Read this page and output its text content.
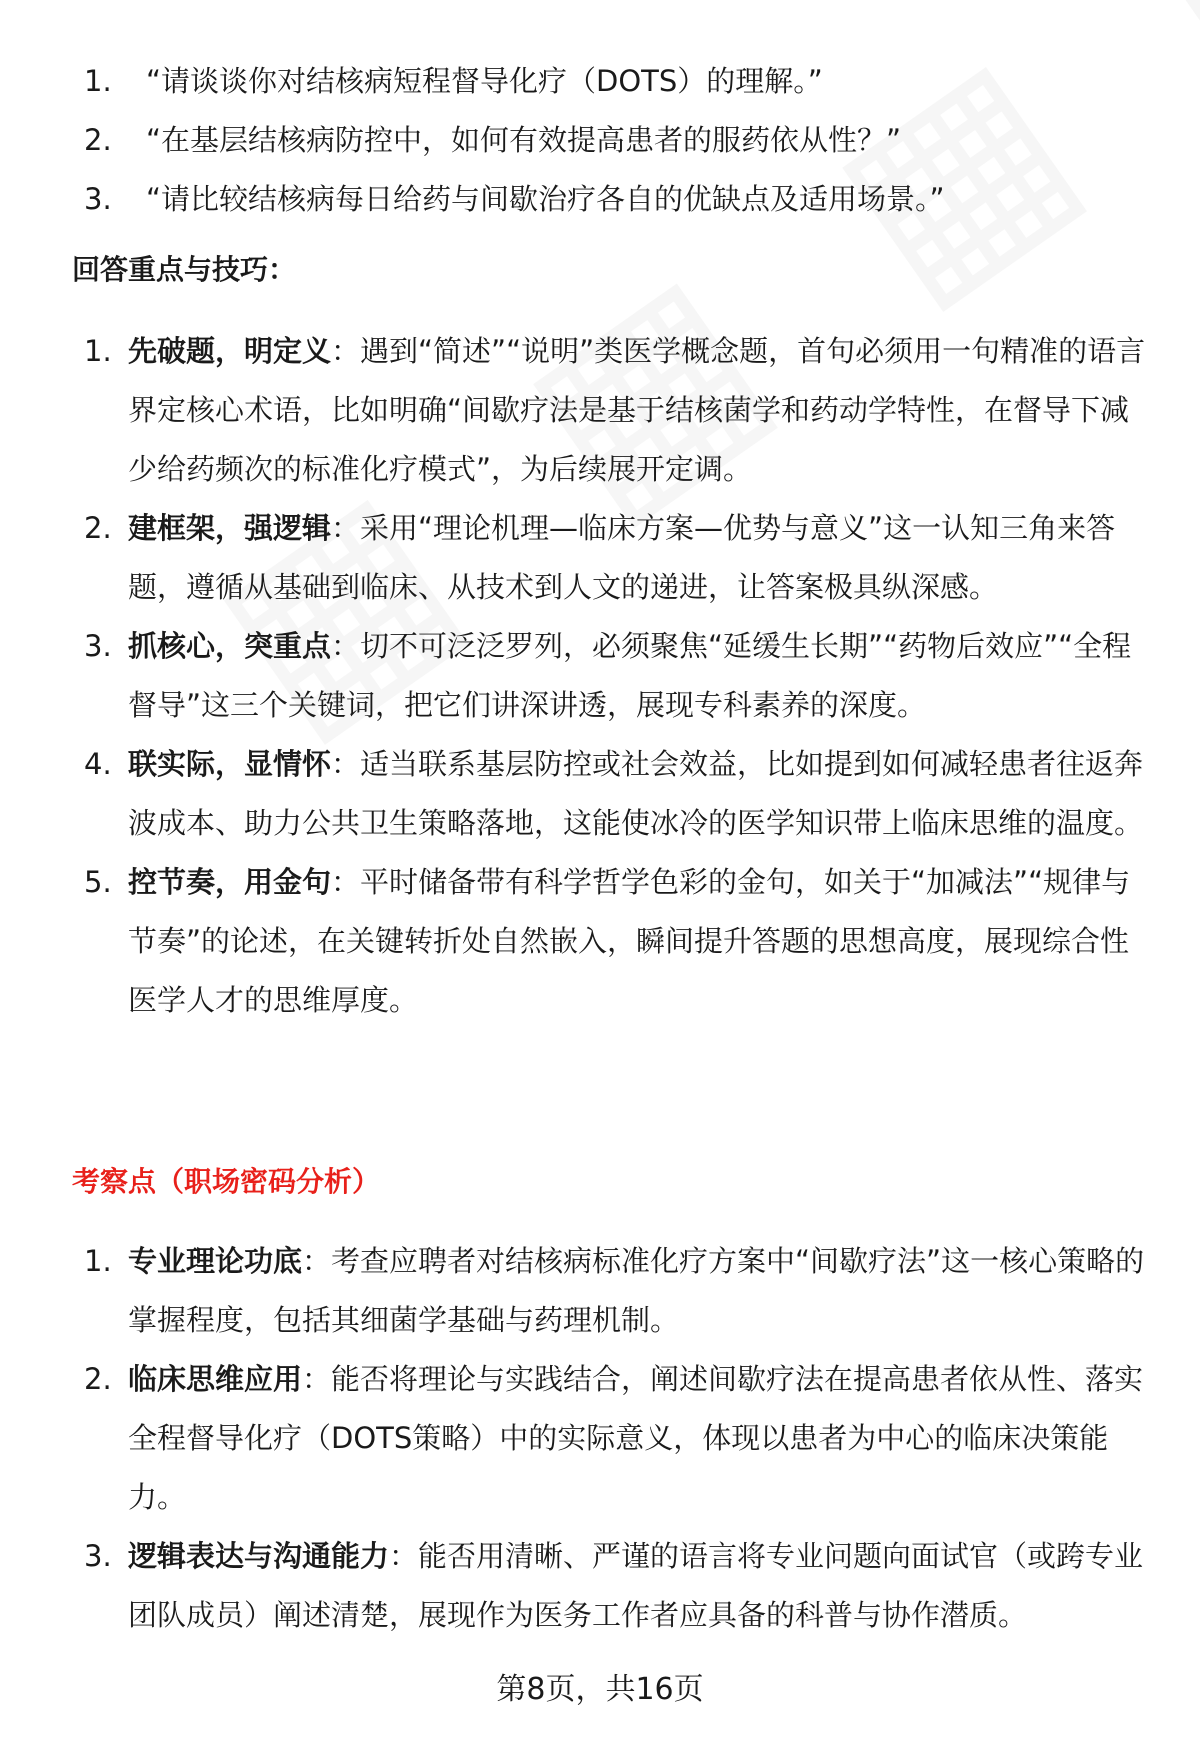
1. “请谈谈你对结核病短程督导化疗（DOTS）的理解。”
2. “在基层结核病防控中，如何有效提高患者的服药依从性？”
3. “请比较结核病每日给药与间歇治疗各自的优缺点及适用场景。”
回答重点与技巧：
1. 先破题，明定义：遇到“简述”“说明”类医学概念题，首句必须用一句精准的语言界定核心术语，比如明确“间歇疗法是基于结核菌学和药动学特性，在督导下减少给药频次的标准化疗模式”，为后续展开定调。
2. 建框架，强逻辑：采用“理论机理—临床方案—优势与意义”这一认知三角来答题，遵循从基础到临床、从技术到人文的递进，让答案极具纵深感。
3. 抓核心，突重点：切不可泛泛罗列，必须聚焦“延缓生长期”“药物后效应”“全程督导”这三个关键词，把它们讲深讲透，展现专科素养的深度。
4. 联实际，显情怀：适当联系基层防控或社会效益，比如提到如何减轻患者往返奔波成本、助力公共卫生策略落地，这能使冰冷的医学知识带上临床思维的温度。
5. 控节奏，用金句：平时储备带有科学哲学色彩的金句，如关于“加减法”“规律与节奏”的论述，在关键转折处自然嵌入，瞬间提升答题的思想高度，展现综合性医学人才的思维厚度。
考察点（职场密码分析）
1. 专业理论功底：考查应聘者对结核病标准化疗方案中“间歇疗法”这一核心策略的掌握程度，包括其细菌学基础与药理机制。
2. 临床思维应用：能否将理论与实践结合，阐述间歇疗法在提高患者依从性、落实全程督导化疗（DOTS策略）中的实际意义，体现以患者为中心的临床决策能力。
3. 逻辑表达与沟通能力：能否用清晰、严谨的语言将专业问题向面试官（或跨专业团队成员）阐述清楚，展现作为医务工作者应具备的科普与协作潜质。
第8页，共16页
